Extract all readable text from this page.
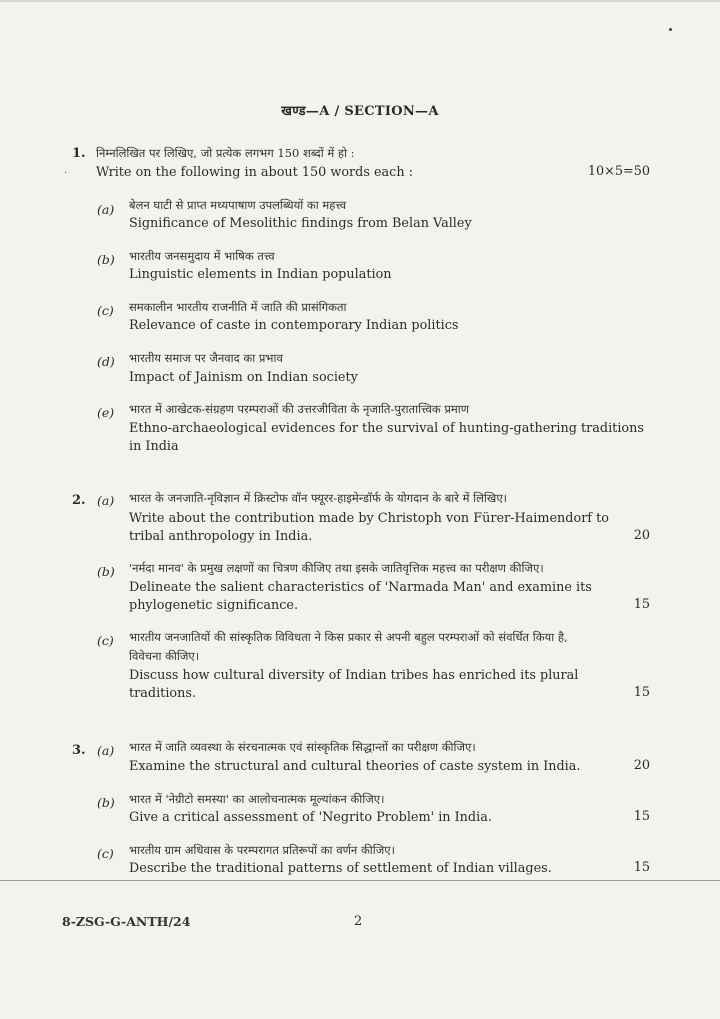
खण्ड—A / SECTION—A
1. निम्नलिखित पर लिखिए, जो प्रत्येक लगभग 150 शब्दों में हो :
· Write on the following in about 150 words each :	10×5=50
(a) बेलन घाटी से प्राप्त मध्यपाषाण उपलब्धियों का महत्त्व
Significance of Mesolithic findings from Belan Valley
(b) भारतीय जनसमुदाय में भाषिक तत्त्व
Linguistic elements in Indian population
(c) समकालीन भारतीय राजनीति में जाति की प्रासंगिकता
Relevance of caste in contemporary Indian politics
(d) भारतीय समाज पर जैनवाद का प्रभाव
Impact of Jainism on Indian society
(e) भारत में आखेटक-संग्रहण परम्पराओं की उत्तरजीविता के नृजाति-पुरातात्त्विक प्रमाण
Ethno-archaeological evidences for the survival of hunting-gathering traditions
in India
2. (a) भारत के जनजाति-नृविज्ञान में क्रिस्टोफ वॉन फ्यूरर-हाइमेन्डॉर्फ के योगदान के बारे में लिखिए।
Write about the contribution made by Christoph von Fürer-Haimendorf to
tribal anthropology in India.	20
(b) 'नर्मदा मानव' के प्रमुख लक्षणों का चित्रण कीजिए तथा इसके जातिवृत्तिक महत्त्व का परीक्षण कीजिए।
Delineate the salient characteristics of 'Narmada Man' and examine its
phylogenetic significance.	15
(c) भारतीय जनजातियों की सांस्कृतिक विविधता ने किस प्रकार से अपनी बहुल परम्पराओं को संवर्धित किया है,
विवेचना कीजिए।
Discuss how cultural diversity of Indian tribes has enriched its plural
traditions.	15
3. (a) भारत में जाति व्यवस्था के संरचनात्मक एवं सांस्कृतिक सिद्धान्तों का परीक्षण कीजिए।
Examine the structural and cultural theories of caste system in India.	20
(b) भारत में 'नेग्रीटो समस्या' का आलोचनात्मक मूल्यांकन कीजिए।
Give a critical assessment of 'Negrito Problem' in India.	15
(c) भारतीय ग्राम अधिवास के परम्परागत प्रतिरूपों का वर्णन कीजिए।
Describe the traditional patterns of settlement of Indian villages.	15
8-ZSG-G-ANTH/24	2
